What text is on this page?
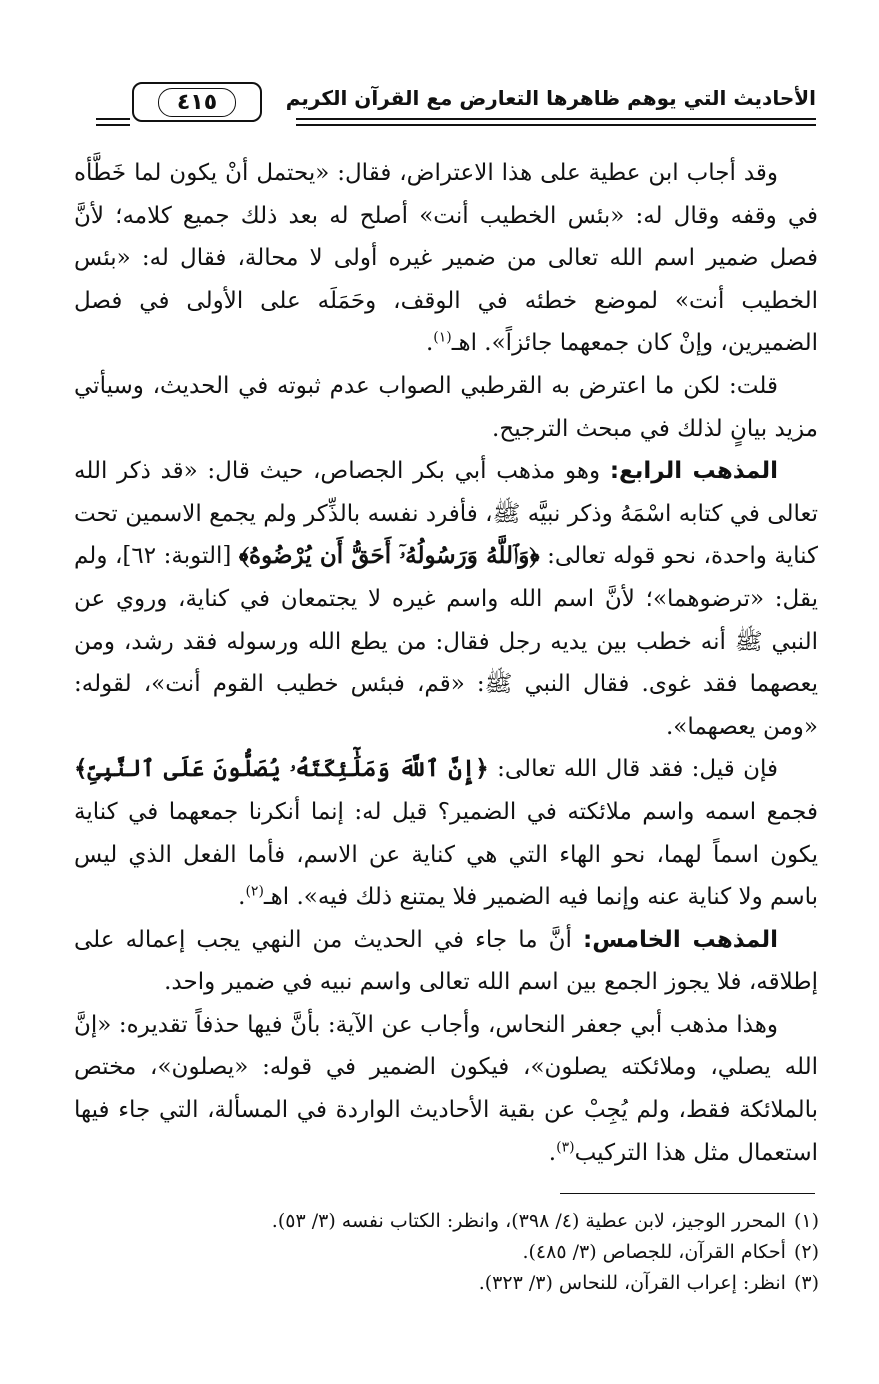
الأحاديث التي يوهم ظاهرها التعارض مع القرآن الكريم
٤١٥

وقد أجاب ابن عطية على هذا الاعتراض، فقال: «يحتمل أنْ يكون لما خَطَّأه في وقفه وقال له: «بئس الخطيب أنت» أصلح له بعد ذلك جميع كلامه؛ لأنَّ فصل ضمير اسم الله تعالى من ضمير غيره أولى لا محالة، فقال له: «بئس الخطيب أنت» لموضع خطئه في الوقف، وحَمَلَه على الأولى في فصل الضميرين، وإنْ كان جمعهما جائزاً». اهـ$^{(١)}$.

قلت: لكن ما اعترض به القرطبي الصواب عدم ثبوته في الحديث، وسيأتي مزيد بيانٍ لذلك في مبحث الترجيح.

المذهب الرابع: وهو مذهب أبي بكر الجصاص، حيث قال: «قد ذكر الله تعالى في كتابه اسْمَهُ وذكر نبيَّه ﷺ، فأفرد نفسه بالذِّكر ولم يجمع الاسمين تحت كناية واحدة، نحو قوله تعالى: ﴿وَٱللَّهُ وَرَسُولُهُۥٓ أَحَقُّ أَن يُرْضُوهُ﴾ [التوبة: ٦٢]، ولم يقل: «ترضوهما»؛ لأنَّ اسم الله واسم غيره لا يجتمعان في كناية، وروي عن النبي ﷺ أنه خطب بين يديه رجل فقال: من يطع الله ورسوله فقد رشد، ومن يعصهما فقد غوى. فقال النبي ﷺ: «قم، فبئس خطيب القوم أنت»، لقوله: «ومن يعصهما».

فإن قيل: فقد قال الله تعالى: ﴿إِنَّ ٱللَّهَ وَمَلَٰٓئِكَتَهُۥ يُصَلُّونَ عَلَى ٱلنَّبِىِّ﴾ فجمع اسمه واسم ملائكته في الضمير؟ قيل له: إنما أنكرنا جمعهما في كناية يكون اسماً لهما، نحو الهاء التي هي كناية عن الاسم، فأما الفعل الذي ليس باسم ولا كناية عنه وإنما فيه الضمير فلا يمتنع ذلك فيه». اهـ$^{(٢)}$.

المذهب الخامس: أنَّ ما جاء في الحديث من النهي يجب إعماله على إطلاقه، فلا يجوز الجمع بين اسم الله تعالى واسم نبيه في ضمير واحد.

وهذا مذهب أبي جعفر النحاس، وأجاب عن الآية: بأنَّ فيها حذفاً تقديره: «إنَّ الله يصلي، وملائكته يصلون»، فيكون الضمير في قوله: «يصلون»، مختص بالملائكة فقط، ولم يُجِبْ عن بقية الأحاديث الواردة في المسألة، التي جاء فيها استعمال مثل هذا التركيب$^{(٣)}$.

(١)المحرر الوجيز، لابن عطية (٤/ ٣٩٨)، وانظر: الكتاب نفسه (٣/ ٥٣).

(٢)أحكام القرآن، للجصاص (٣/ ٤٨٥).

(٣)انظر: إعراب القرآن، للنحاس (٣/ ٣٢٣).
